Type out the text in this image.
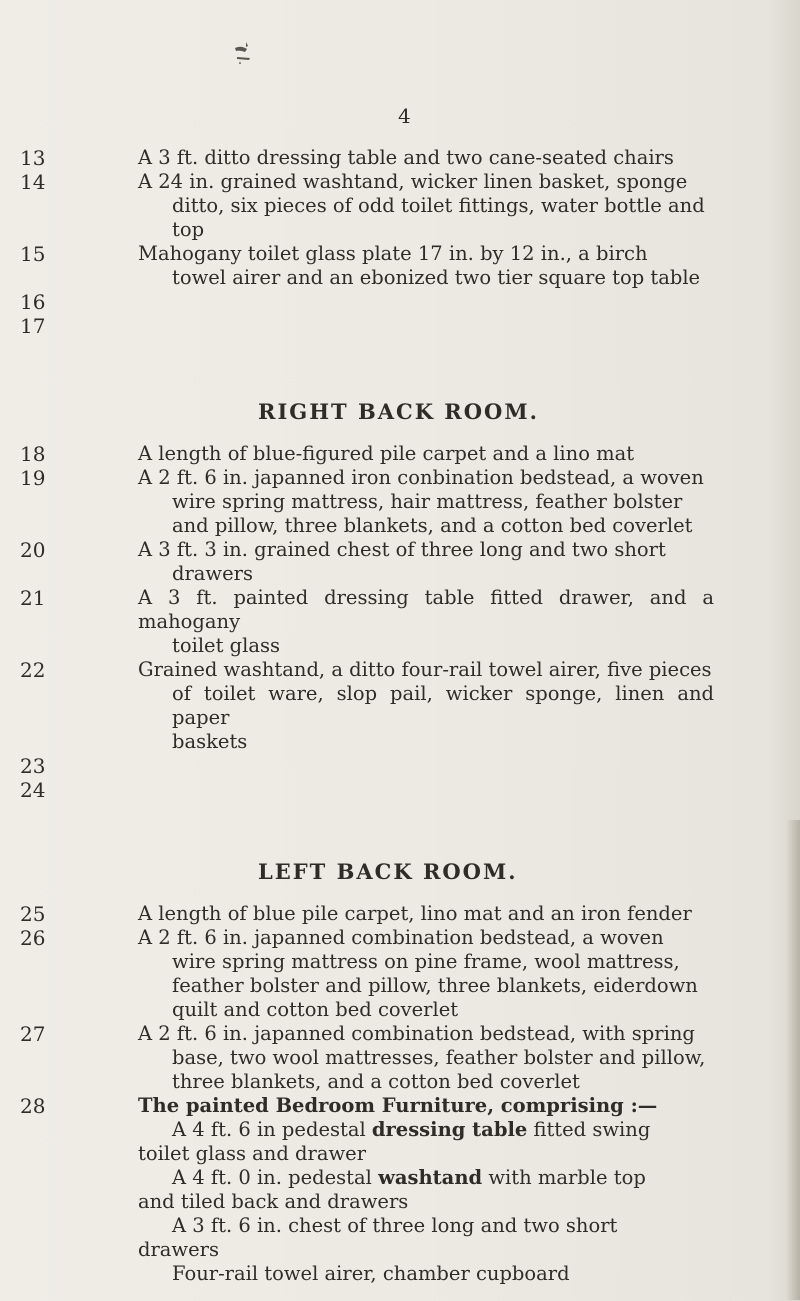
4
13	A 3 ft. ditto dressing table and two cane-seated chairs
14	A 24 in. grained washtand, wicker linen basket, sponge
ditto, six pieces of odd toilet fittings, water bottle and
top
15	Mahogany toilet glass plate 17 in. by 12 in., a birch
towel airer and an ebonized two tier square top table
16

17

RIGHT BACK ROOM.
18	A length of blue-figured pile carpet and a lino mat
19	A 2 ft. 6 in. japanned iron conbination bedstead, a woven
wire spring mattress, hair mattress, feather bolster
and pillow, three blankets, and a cotton bed coverlet
20	A 3 ft. 3 in. grained chest of three long and two short
drawers
21	A 3 ft. painted dressing table fitted drawer, and a mahogany
toilet glass
22	Grained washtand, a ditto four-rail towel airer, five pieces
of toilet ware, slop pail, wicker sponge, linen and paper
baskets
23

24

LEFT BACK ROOM.
25	A length of blue pile carpet, lino mat and an iron fender
26	A 2 ft. 6 in. japanned combination bedstead, a woven
wire spring mattress on pine frame, wool mattress,
feather bolster and pillow, three blankets, eiderdown
quilt and cotton bed coverlet
27	A 2 ft. 6 in. japanned combination bedstead, with spring
base, two wool mattresses, feather bolster and pillow,
three blankets, and a cotton bed coverlet
28	The painted Bedroom Furniture, comprising :—
A 4 ft. 6 in pedestal dressing table fitted swing
toilet glass and drawer
A 4 ft. 0 in. pedestal washtand with marble top
and tiled back and drawers
A 3 ft. 6 in. chest of three long and two short
drawers
Four-rail towel airer, chamber cupboard
